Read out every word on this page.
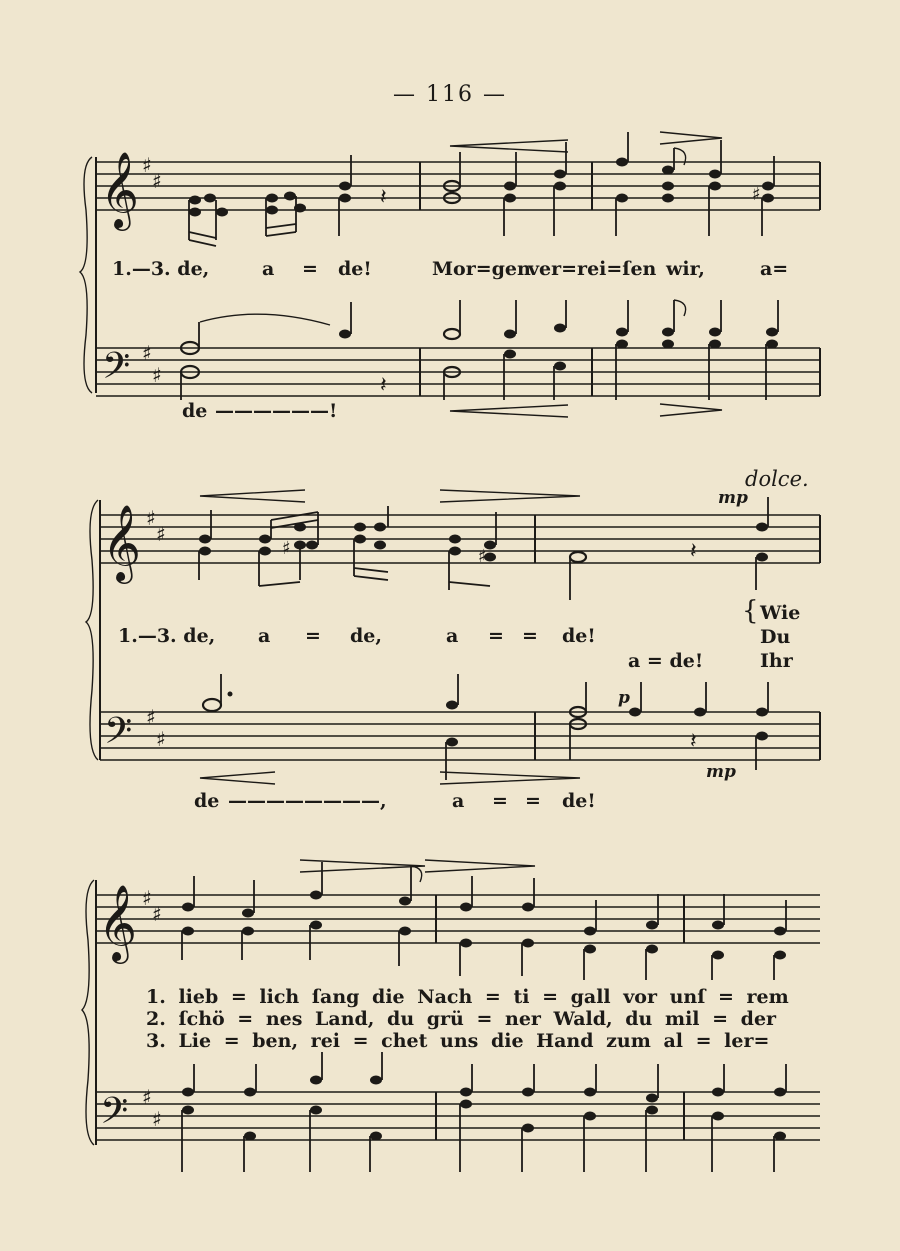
— 116 —
𝄞
𝄢
♯
♯
♯
♯
𝄽	♯
𝄽
𝄞
𝄢
♯
♯
♯
♯
♯
♯	𝄽
𝄽
𝄞
𝄢
♯
♯
♯
♯
1.—3. de,	a = de!	Mor=gen
ver=rei=ſen wir,	a=
de ——————!
dolce.
mp
1.—3. de, a = de,	a = = de!
a = de!
{ Wie
Du
Ihr
p
mp
de ————————,	a = = de!
1. lieb = lich ſang die Nach = ti = gall vor unſ = rem
2. ſchö = nes Land, du grü = ner Wald, du mil = der
3. Lie = ben, rei = chet uns die Hand zum al = ler=
